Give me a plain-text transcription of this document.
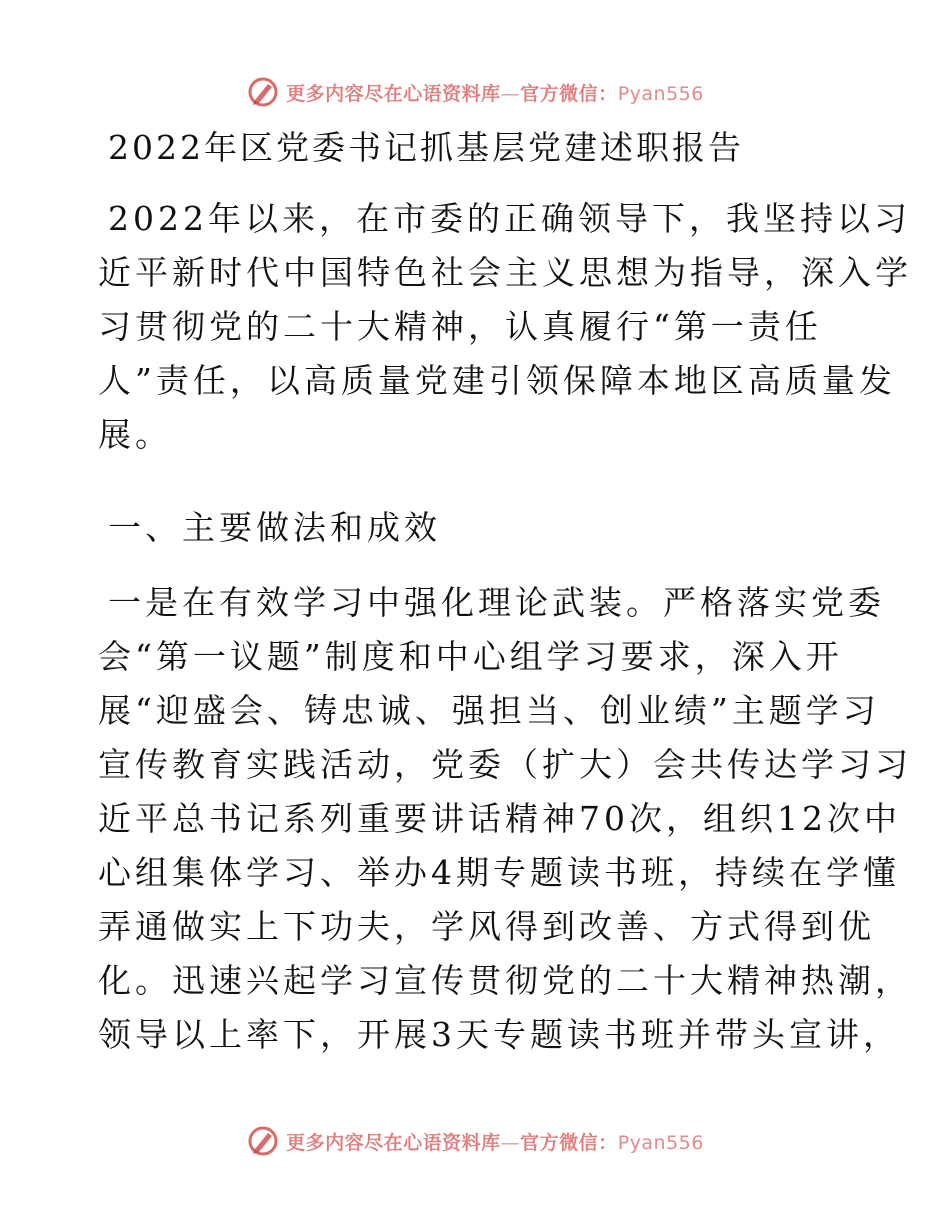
更多内容尽在心语资料库—官方微信：Pyan556
2022年区党委书记抓基层党建述职报告
2022年以来，在市委的正确领导下，我坚持以习
近平新时代中国特色社会主义思想为指导，深入学
习贯彻党的二十大精神，认真履行“第一责任
人”责任，以高质量党建引领保障本地区高质量发
展。
一、主要做法和成效
一是在有效学习中强化理论武装。严格落实党委
会“第一议题”制度和中心组学习要求，深入开
展“迎盛会、铸忠诚、强担当、创业绩”主题学习
宣传教育实践活动，党委（扩大）会共传达学习习
近平总书记系列重要讲话精神70次，组织12次中
心组集体学习、举办4期专题读书班，持续在学懂
弄通做实上下功夫，学风得到改善、方式得到优
化。迅速兴起学习宣传贯彻党的二十大精神热潮，
领导以上率下，开展3天专题读书班并带头宣讲，
更多内容尽在心语资料库—官方微信：Pyan556
